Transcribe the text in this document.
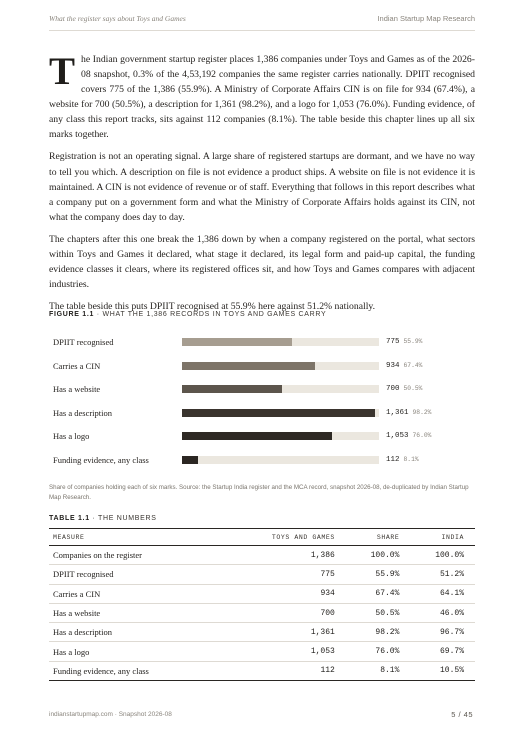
What the register says about Toys and Games	Indian Startup Map Research

The Indian government startup register places 1,386 companies under Toys and Games as of the 2026-08 snapshot, 0.3% of the 4,53,192 companies the same register carries nationally. DPIIT recognised covers 775 of the 1,386 (55.9%). A Ministry of Corporate Affairs CIN is on file for 934 (67.4%), a website for 700 (50.5%), a description for 1,361 (98.2%), and a logo for 1,053 (76.0%). Funding evidence, of any class this report tracks, sits against 112 companies (8.1%). The table beside this chapter lines up all six marks together.

Registration is not an operating signal. A large share of registered startups are dormant, and we have no way to tell you which. A description on file is not evidence a product ships. A website on file is not evidence it is maintained. A CIN is not evidence of revenue or of staff. Everything that follows in this report describes what a company put on a government form and what the Ministry of Corporate Affairs holds against its CIN, not what the company does day to day.

The chapters after this one break the 1,386 down by when a company registered on the portal, what sectors within Toys and Games it declared, what stage it declared, its legal form and paid-up capital, the funding evidence classes it clears, where its registered offices sit, and how Toys and Games compares with adjacent industries.

The table beside this puts DPIIT recognised at 55.9% here against 51.2% nationally.

FIGURE 1.1 · WHAT THE 1,386 RECORDS IN TOYS AND GAMES CARRY
DPIIT recognised	775 55.9%
Carries a CIN	934 67.4%
Has a website	700 50.5%
Has a description	1,361 98.2%
Has a logo	1,053 76.0%
Funding evidence, any class	112 8.1%
Share of companies holding each of six marks. Source: the Startup India register and the MCA record, snapshot 2026-08, de-duplicated by Indian Startup Map Research.
TABLE 1.1 · THE NUMBERS
MEASURE	TOYS AND GAMES	SHARE	INDIA
Companies on the register	1,386	100.0%	100.0%
DPIIT recognised	775	55.9%	51.2%
Carries a CIN	934	67.4%	64.1%
Has a website	700	50.5%	46.0%
Has a description	1,361	98.2%	96.7%
Has a logo	1,053	76.0%	69.7%
Funding evidence, any class	112	8.1%	10.5%
indianstartupmap.com · Snapshot 2026-08	5 / 45
